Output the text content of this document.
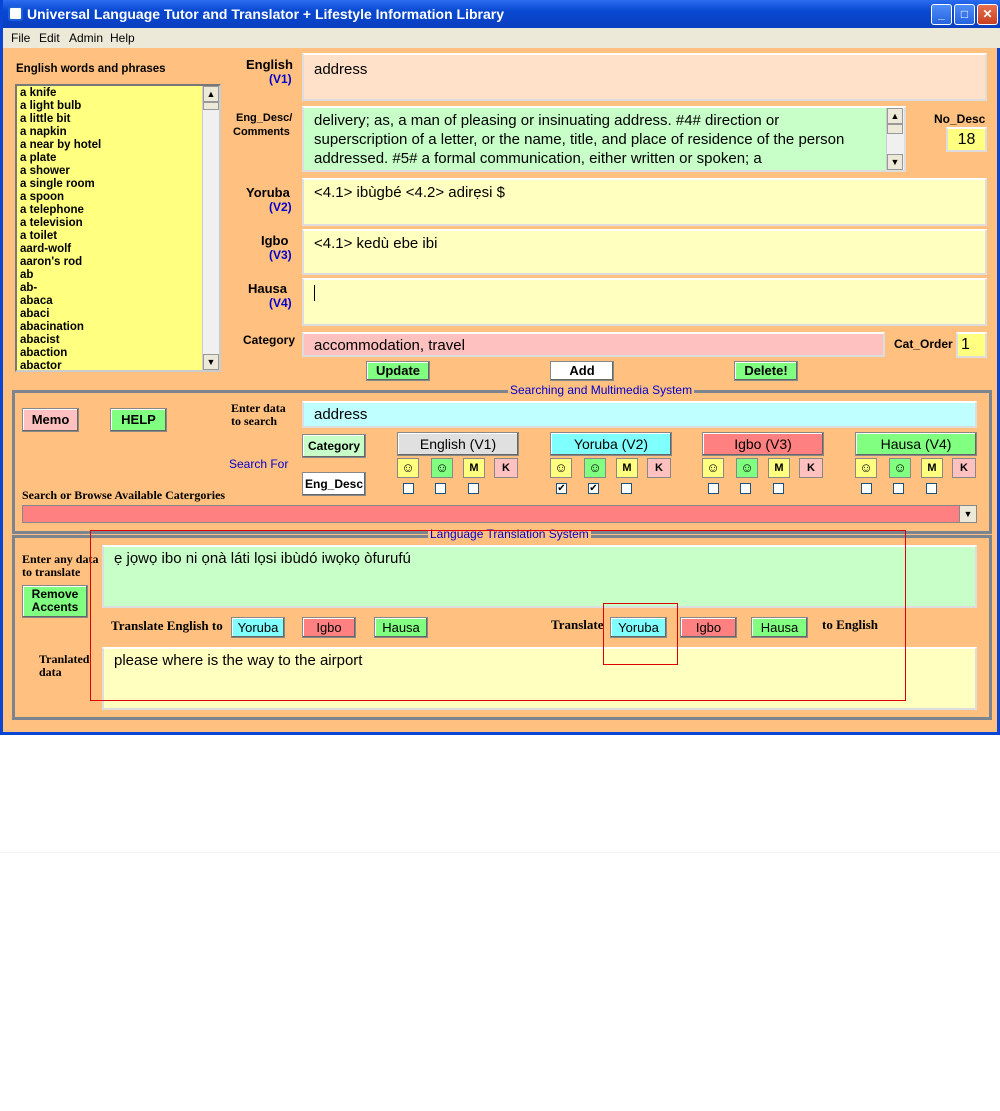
Universal Language Tutor and Translator + Lifestyle Information Library	_	□	✕
File Edit Admin Help
English words and phrases
a knife
a light bulb
a little bit
a napkin
a near by hotel
a plate
a shower
a single room
a spoon
a telephone
a television
a toilet
aard-wolf
aaron's rod
ab
ab-
abaca
abaci
abacination
abacist
abaction
abactor
▲
▼
English
(V1)
address
Eng_Desc/
Comments
delivery; as, a man of pleasing or insinuating address. #4# direction or superscription of a letter, or the name, title, and place of residence of the person addressed. #5# a formal communication, either written or spoken; a
▲
▼
No_Desc
18
Yoruba
(V2)
<4.1> ibùgbé <4.2> adirẹsi $
Igbo
(V3)
<4.1> kedù ebe ibi
Hausa
(V4)
Category	accommodation, travel	Cat_Order 1
Update	Add	Delete!
Searching and Multimedia System
Memo	HELP
Enter data
to search	address
Category
Eng_Desc
Search For
English (V1)
☺	☺	M	K
Yoruba (V2)
☺	☺	M	K
✔ ✔
Igbo (V3)
☺	☺	M	K
Hausa (V4)
☺	☺	M	K
Search or Browse Available Catergories
▼
Language Translation System
Enter any data
to translate
Remove
Accents
ẹ jọwọ ibo ni ọnà láti lọsi ibùdó iwọkọ òfurufú
Translate English to	Yoruba	Igbo	Hausa	Translate	Yoruba	Igbo	Hausa	to English
Tranlated
data
please where is the way to the airport
